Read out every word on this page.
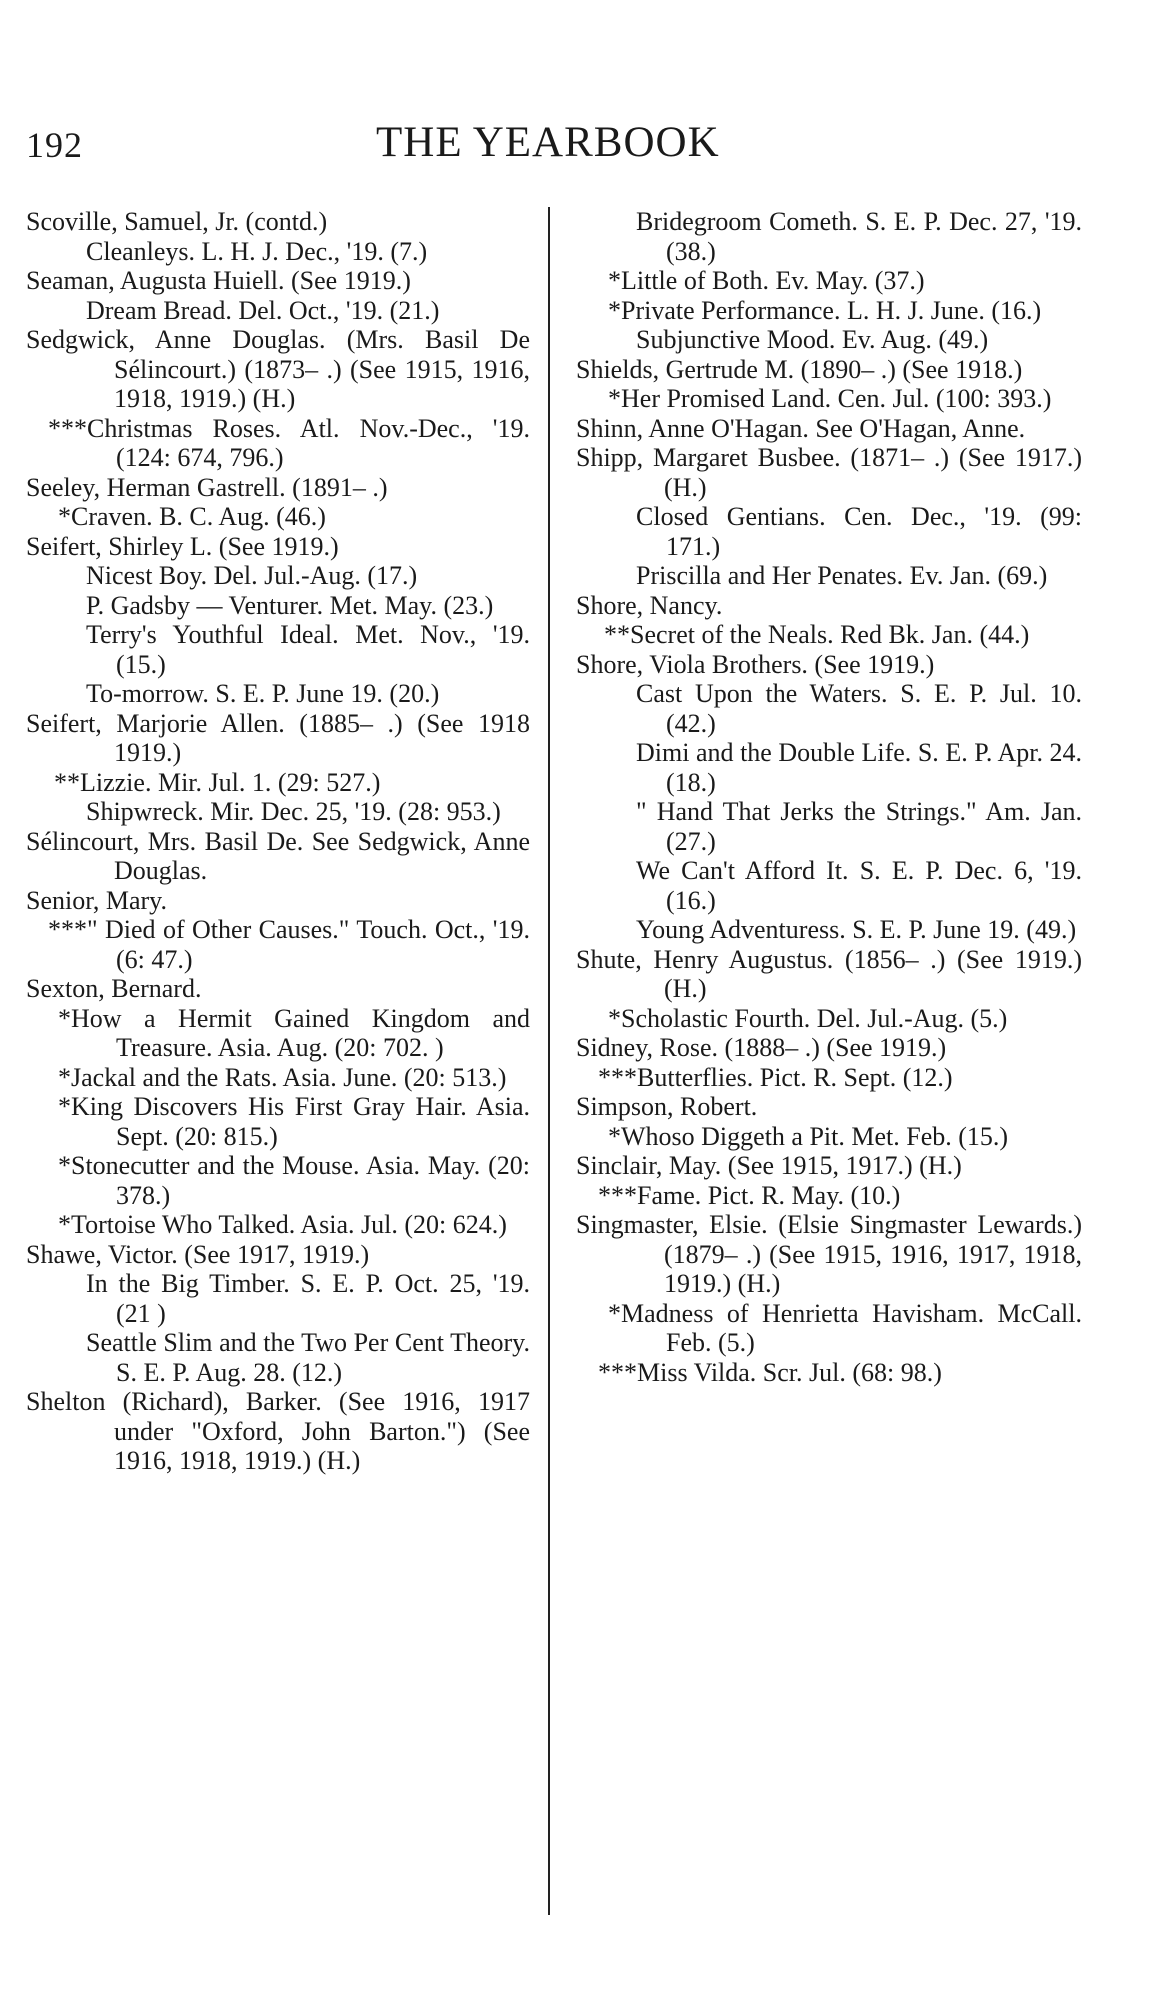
192	THE YEARBOOK

Scoville, Samuel, Jr. (contd.)

Cleanleys. L. H. J. Dec., '19. (7.)

Seaman, Augusta Huiell. (See 1919.)

Dream Bread. Del. Oct., '19. (21.)

Sedgwick, Anne Douglas. (Mrs. Basil De Sélincourt.) (1873– .) (See 1915, 1916, 1918, 1919.) (H.)

***Christmas Roses. Atl. Nov.-Dec., '19. (124: 674, 796.)

Seeley, Herman Gastrell. (1891– .)

*Craven. B. C. Aug. (46.)

Seifert, Shirley L. (See 1919.)

Nicest Boy. Del. Jul.-Aug. (17.)

P. Gadsby — Venturer. Met. May. (23.)

Terry's Youthful Ideal. Met. Nov., '19. (15.)

To-morrow. S. E. P. June 19. (20.)

Seifert, Marjorie Allen. (1885– .) (See 1918 1919.)

**Lizzie. Mir. Jul. 1. (29: 527.)

Shipwreck. Mir. Dec. 25, '19. (28: 953.)

Sélincourt, Mrs. Basil De. See Sedgwick, Anne Douglas.

Senior, Mary.

***" Died of Other Causes." Touch. Oct., '19. (6: 47.)

Sexton, Bernard.

*How a Hermit Gained Kingdom and Treasure. Asia. Aug. (20: 702. )

*Jackal and the Rats. Asia. June. (20: 513.)

*King Discovers His First Gray Hair. Asia. Sept. (20: 815.)

*Stonecutter and the Mouse. Asia. May. (20: 378.)

*Tortoise Who Talked. Asia. Jul. (20: 624.)

Shawe, Victor. (See 1917, 1919.)

In the Big Timber. S. E. P. Oct. 25, '19. (21 )

Seattle Slim and the Two Per Cent Theory. S. E. P. Aug. 28. (12.)

Shelton (Richard), Barker. (See 1916, 1917 under "Oxford, John Barton.") (See 1916, 1918, 1919.) (H.)

Bridegroom Cometh. S. E. P. Dec. 27, '19. (38.)

*Little of Both. Ev. May. (37.)

*Private Performance. L. H. J. June. (16.)

Subjunctive Mood. Ev. Aug. (49.)

Shields, Gertrude M. (1890– .) (See 1918.)

*Her Promised Land. Cen. Jul. (100: 393.)

Shinn, Anne O'Hagan. See O'Hagan, Anne.

Shipp, Margaret Busbee. (1871– .) (See 1917.) (H.)

Closed Gentians. Cen. Dec., '19. (99: 171.)

Priscilla and Her Penates. Ev. Jan. (69.)

Shore, Nancy.

**Secret of the Neals. Red Bk. Jan. (44.)

Shore, Viola Brothers. (See 1919.)

Cast Upon the Waters. S. E. P. Jul. 10. (42.)

Dimi and the Double Life. S. E. P. Apr. 24. (18.)

" Hand That Jerks the Strings." Am. Jan. (27.)

We Can't Afford It. S. E. P. Dec. 6, '19. (16.)

Young Adventuress. S. E. P. June 19. (49.)

Shute, Henry Augustus. (1856– .) (See 1919.) (H.)

*Scholastic Fourth. Del. Jul.-Aug. (5.)

Sidney, Rose. (1888– .) (See 1919.)

***Butterflies. Pict. R. Sept. (12.)

Simpson, Robert.

*Whoso Diggeth a Pit. Met. Feb. (15.)

Sinclair, May. (See 1915, 1917.) (H.)

***Fame. Pict. R. May. (10.)

Singmaster, Elsie. (Elsie Singmaster Lewards.) (1879– .) (See 1915, 1916, 1917, 1918, 1919.) (H.)

*Madness of Henrietta Havisham. McCall. Feb. (5.)

***Miss Vilda. Scr. Jul. (68: 98.)
